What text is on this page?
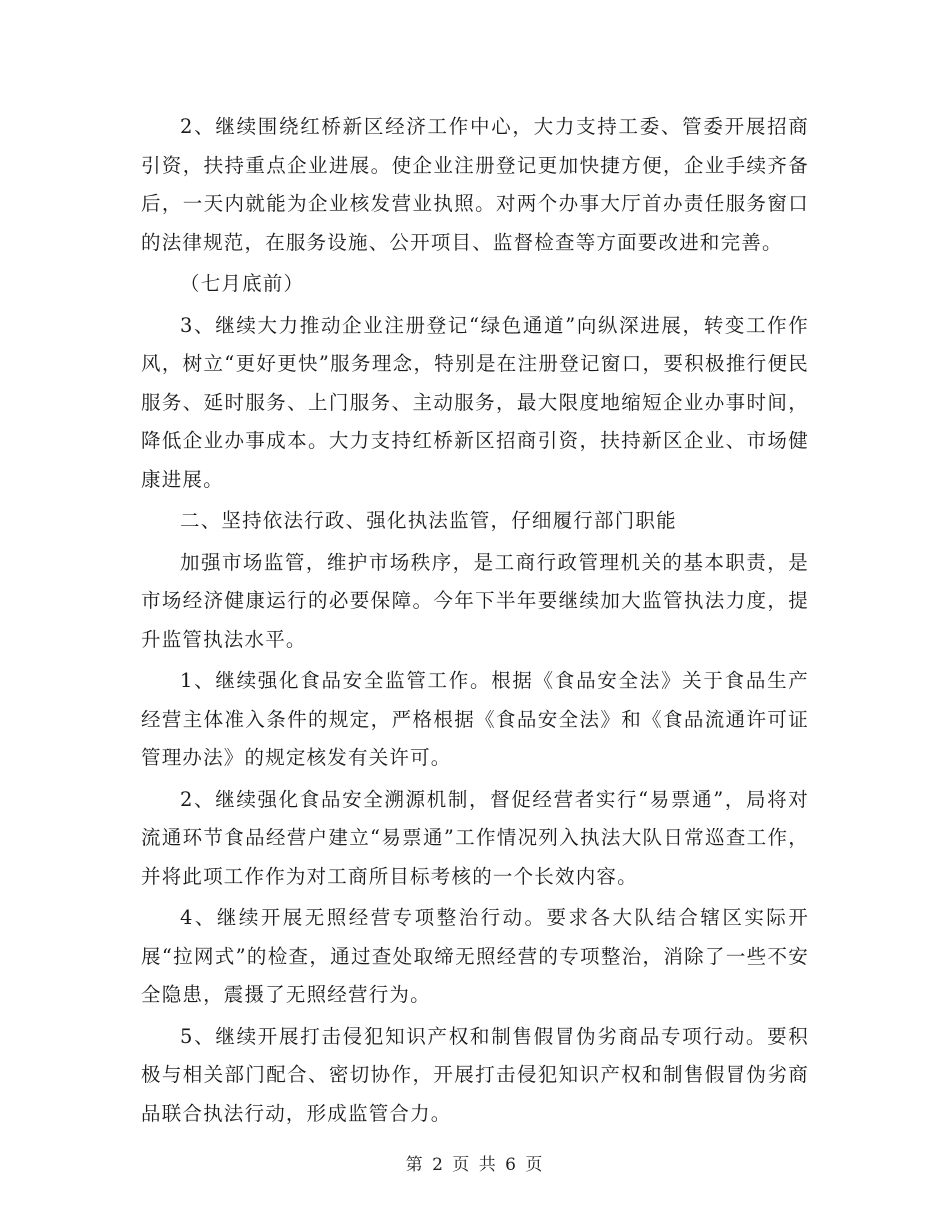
2、继续围绕红桥新区经济工作中心，大力支持工委、管委开展招商引资，扶持重点企业进展。使企业注册登记更加快捷方便，企业手续齐备后，一天内就能为企业核发营业执照。对两个办事大厅首办责任服务窗口的法律规范，在服务设施、公开项目、监督检查等方面要改进和完善。

（七月底前）

3、继续大力推动企业注册登记“绿色通道”向纵深进展，转变工作作风，树立“更好更快”服务理念，特别是在注册登记窗口，要积极推行便民服务、延时服务、上门服务、主动服务，最大限度地缩短企业办事时间，降低企业办事成本。大力支持红桥新区招商引资，扶持新区企业、市场健康进展。

二、坚持依法行政、强化执法监管，仔细履行部门职能

加强市场监管，维护市场秩序，是工商行政管理机关的基本职责，是市场经济健康运行的必要保障。今年下半年要继续加大监管执法力度，提升监管执法水平。

1、继续强化食品安全监管工作。根据《食品安全法》关于食品生产经营主体准入条件的规定，严格根据《食品安全法》和《食品流通许可证管理办法》的规定核发有关许可。

2、继续强化食品安全溯源机制，督促经营者实行“易票通”，局将对流通环节食品经营户建立“易票通”工作情况列入执法大队日常巡查工作，并将此项工作作为对工商所目标考核的一个长效内容。

4、继续开展无照经营专项整治行动。要求各大队结合辖区实际开展“拉网式”的检查，通过查处取缔无照经营的专项整治，消除了一些不安全隐患，震摄了无照经营行为。

5、继续开展打击侵犯知识产权和制售假冒伪劣商品专项行动。要积极与相关部门配合、密切协作，开展打击侵犯知识产权和制售假冒伪劣商品联合执法行动，形成监管合力。

第 2 页 共 6 页
